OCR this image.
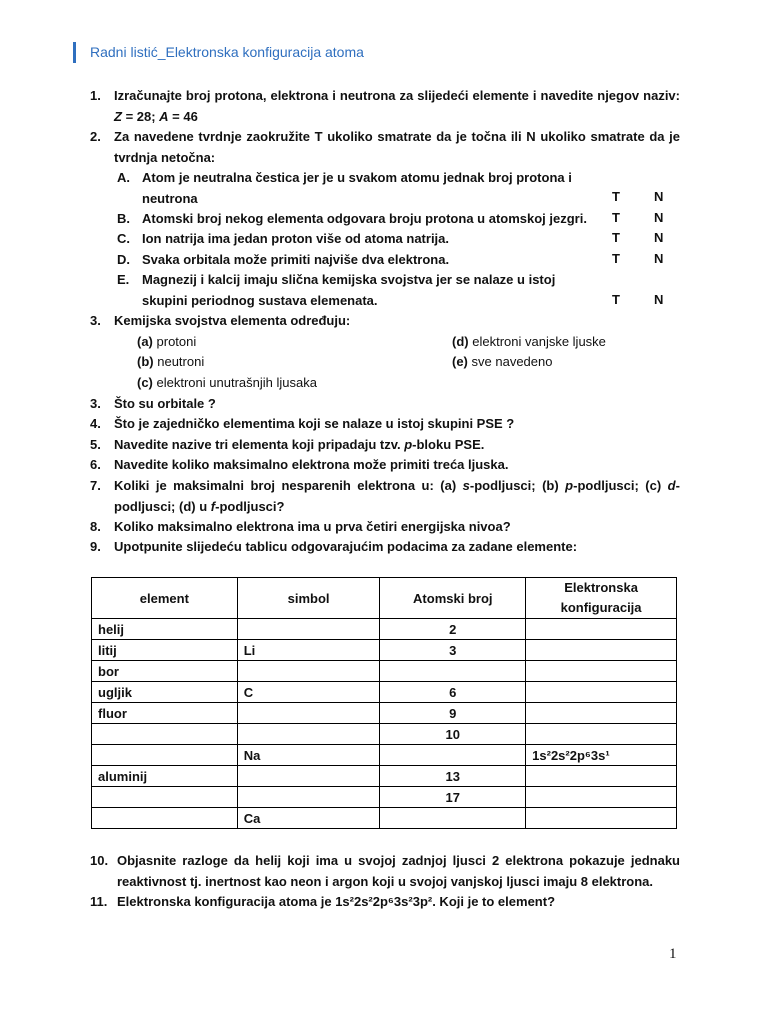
Radni listić_Elektronska konfiguracija atoma
1.	Izračunajte broj protona, elektrona i neutrona za slijedeći elemente i navedite njegov naziv: Z = 28; A = 46
2.	Za navedene tvrdnje zaokružite T ukoliko smatrate da je točna ili N ukoliko smatrate da je tvrdnja netočna:
A. Atom je neutralna čestica jer je u svakom atomu jednak broj protona i neutrona	T	N
B. Atomski broj nekog elementa odgovara broju protona u atomskoj jezgri. T	N
C. Ion natrija ima jedan proton više od atoma natrija.	T	N
D. Svaka orbitala može primiti najviše dva elektrona.	T	N
E. Magnezij i kalcij imaju slična kemijska svojstva jer se nalaze u istoj skupini periodnog sustava elemenata.	T	N
3.	Kemijska svojstva elementa određuju:
(a) protoni
(b) neutroni
(c) elektroni unutrašnjih ljusaka
(d) elektroni vanjske ljuske
(e) sve navedeno
3.	Što su orbitale ?
4.	Što je zajedničko elementima koji se nalaze u istoj skupini PSE ?
5.	Navedite nazive tri elementa koji pripadaju tzv. p-bloku PSE.
6.	Navedite koliko maksimalno elektrona može primiti treća ljuska.
7.	Koliki je maksimalni broj nesparenih elektrona u: (a) s-podljusci; (b) p-podljusci; (c) d-podljusci; (d) u f-podljusci?
8.	Koliko maksimalno elektrona ima u prva četiri energijska nivoa?
9.	Upotpunite slijedeću tablicu odgovarajućim podacima za zadane elemente:
element	simbol	Atomski broj	Elektronska konfiguracija
helij		2	
litij	Li	3	
bor			
ugljik	C	6	
fluor		9	
		10	
	Na		1s²2s²2p⁶3s¹
aluminij		13	
		17	
	Ca		
10. Objasnite razloge da helij koji ima u svojoj zadnjoj ljusci 2 elektrona pokazuje jednaku reaktivnost tj. inertnost kao neon i argon koji u svojoj vanjskoj ljusci imaju 8 elektrona.
11. Elektronska konfiguracija atoma je 1s²2s²2p⁶3s²3p². Koji je to element?
1
